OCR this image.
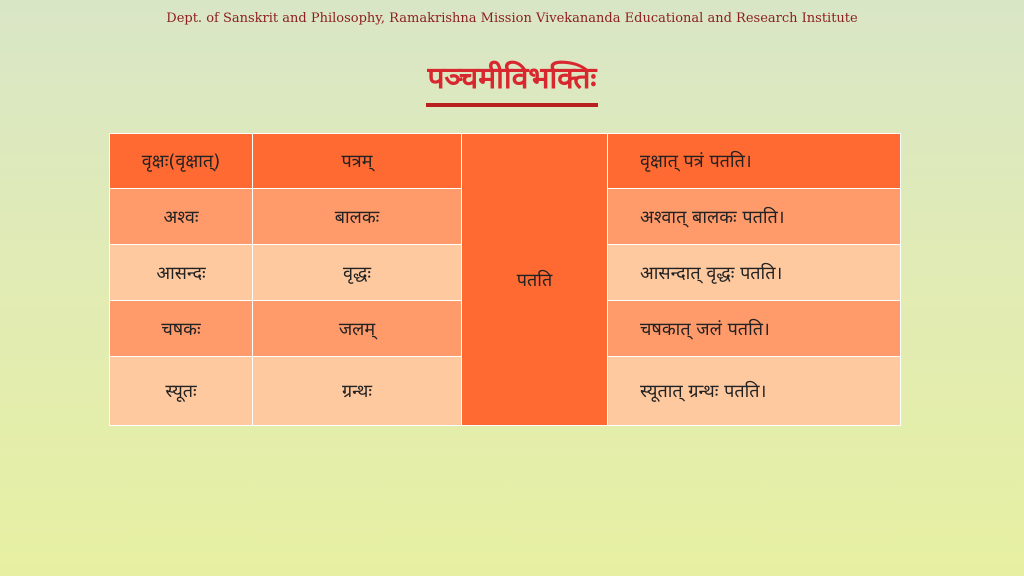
Dept. of Sanskrit and Philosophy, Ramakrishna Mission Vivekananda Educational and Research Institute
पञ्चमीविभक्तिः
वृक्षः(वृक्षात्)	पत्रम्	पतति	वृक्षात् पत्रं पतति।
अश्वः	बालकः		अश्वात् बालकः पतति।
आसन्दः	वृद्धः		आसन्दात् वृद्धः पतति।
चषकः	जलम्		चषकात् जलं पतति।
स्यूतः	ग्रन्थः		स्यूतात् ग्रन्थः पतति।
